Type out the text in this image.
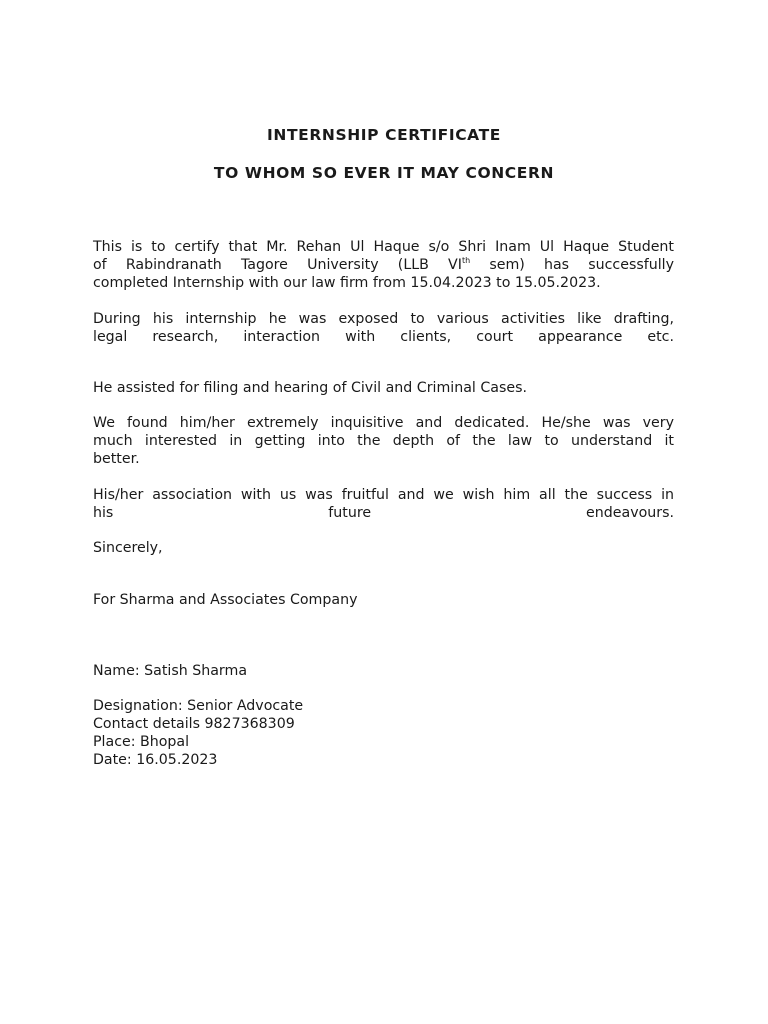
INTERNSHIP CERTIFICATE
TO WHOM SO EVER IT MAY CONCERN

This is to certify that Mr. Rehan Ul Haque s/o Shri Inam Ul Haque Student
of Rabindranath Tagore University (LLB VIth sem) has successfully
completed Internship with our law firm from 15.04.2023 to 15.05.2023.

During his internship he was exposed to various activities like drafting,
legal research, interaction with clients, court appearance etc.

He assisted for filing and hearing of Civil and Criminal Cases.

We found him/her extremely inquisitive and dedicated. He/she was very
much interested in getting into the depth of the law to understand it
better.

His/her association with us was fruitful and we wish him all the success in
his future endeavours.

Sincerely,

For Sharma and Associates Company

Name: Satish Sharma

Designation: Senior Advocate
Contact details 9827368309
Place: Bhopal
Date: 16.05.2023
